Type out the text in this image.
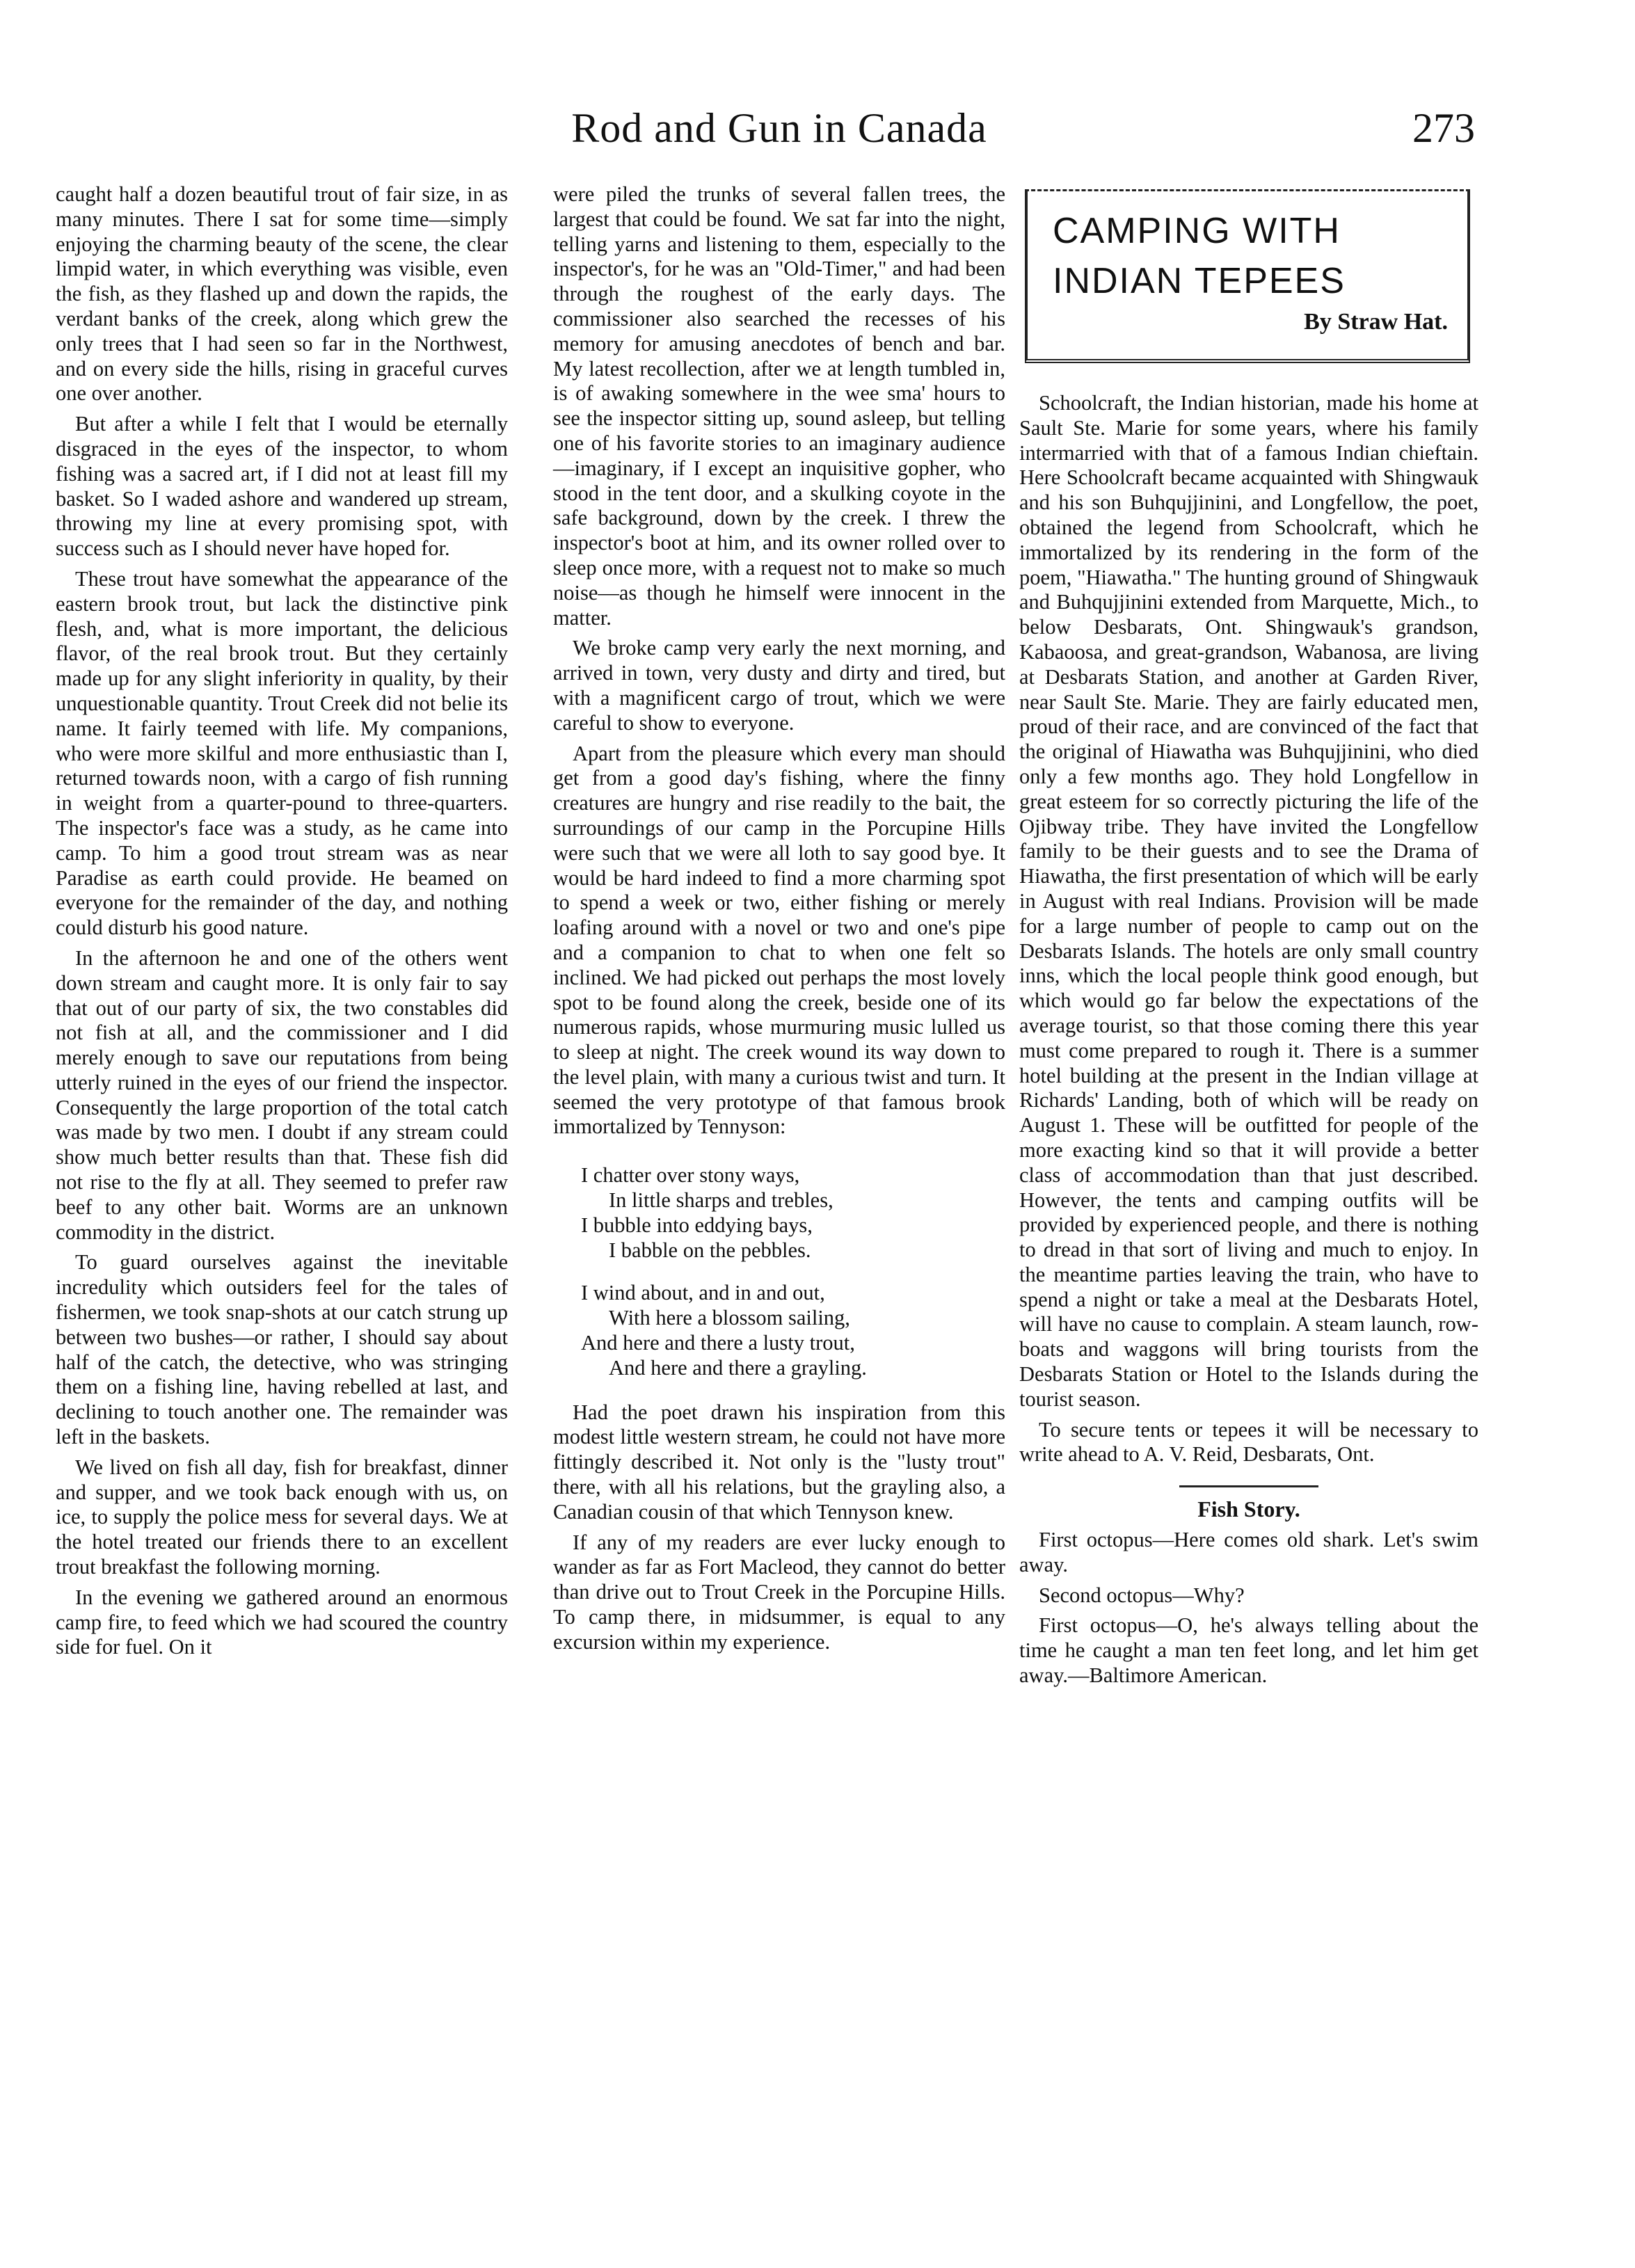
Rod and Gun in Canada	273

caught half a dozen beautiful trout of fair size, in as many minutes. There I sat for some time—simply enjoying the charming beauty of the scene, the clear limpid water, in which everything was visible, even the fish, as they flashed up and down the rapids, the verdant banks of the creek, along which grew the only trees that I had seen so far in the Northwest, and on every side the hills, rising in graceful curves one over another.

But after a while I felt that I would be eternally disgraced in the eyes of the inspector, to whom fishing was a sacred art, if I did not at least fill my basket. So I waded ashore and wandered up stream, throwing my line at every promising spot, with success such as I should never have hoped for.

These trout have somewhat the appearance of the eastern brook trout, but lack the distinctive pink flesh, and, what is more important, the delicious flavor, of the real brook trout. But they certainly made up for any slight inferiority in quality, by their unquestionable quantity. Trout Creek did not belie its name. It fairly teemed with life. My companions, who were more skilful and more enthusiastic than I, returned towards noon, with a cargo of fish running in weight from a quarter-pound to three-quarters. The inspector's face was a study, as he came into camp. To him a good trout stream was as near Paradise as earth could provide. He beamed on everyone for the remainder of the day, and nothing could disturb his good nature.

In the afternoon he and one of the others went down stream and caught more. It is only fair to say that out of our party of six, the two constables did not fish at all, and the commissioner and I did merely enough to save our reputations from being utterly ruined in the eyes of our friend the inspector. Consequently the large proportion of the total catch was made by two men. I doubt if any stream could show much better results than that. These fish did not rise to the fly at all. They seemed to prefer raw beef to any other bait. Worms are an unknown commodity in the district.

To guard ourselves against the inevitable incredulity which outsiders feel for the tales of fishermen, we took snap-shots at our catch strung up between two bushes—or rather, I should say about half of the catch, the detective, who was stringing them on a fishing line, having rebelled at last, and declining to touch another one. The remainder was left in the baskets.

We lived on fish all day, fish for breakfast, dinner and supper, and we took back enough with us, on ice, to supply the police mess for several days. We at the hotel treated our friends there to an excellent trout breakfast the following morning.

In the evening we gathered around an enormous camp fire, to feed which we had scoured the country side for fuel. On it

were piled the trunks of several fallen trees, the largest that could be found. We sat far into the night, telling yarns and listening to them, especially to the inspector's, for he was an "Old-Timer," and had been through the roughest of the early days. The commissioner also searched the recesses of his memory for amusing anecdotes of bench and bar. My latest recollection, after we at length tumbled in, is of awaking somewhere in the wee sma' hours to see the inspector sitting up, sound asleep, but telling one of his favorite stories to an imaginary audience—imaginary, if I except an inquisitive gopher, who stood in the tent door, and a skulking coyote in the safe background, down by the creek. I threw the inspector's boot at him, and its owner rolled over to sleep once more, with a request not to make so much noise—as though he himself were innocent in the matter.

We broke camp very early the next morning, and arrived in town, very dusty and dirty and tired, but with a magnificent cargo of trout, which we were careful to show to everyone.

Apart from the pleasure which every man should get from a good day's fishing, where the finny creatures are hungry and rise readily to the bait, the surroundings of our camp in the Porcupine Hills were such that we were all loth to say good bye. It would be hard indeed to find a more charming spot to spend a week or two, either fishing or merely loafing around with a novel or two and one's pipe and a companion to chat to when one felt so inclined. We had picked out perhaps the most lovely spot to be found along the creek, beside one of its numerous rapids, whose murmuring music lulled us to sleep at night. The creek wound its way down to the level plain, with many a curious twist and turn. It seemed the very prototype of that famous brook immortalized by Tennyson:

I chatter over stony ways,
In little sharps and trebles,
I bubble into eddying bays,
I babble on the pebbles.
I wind about, and in and out,
With here a blossom sailing,
And here and there a lusty trout,
And here and there a grayling.

Had the poet drawn his inspiration from this modest little western stream, he could not have more fittingly described it. Not only is the "lusty trout" there, with all his relations, but the grayling also, a Canadian cousin of that which Tennyson knew.

If any of my readers are ever lucky enough to wander as far as Fort Macleod, they cannot do better than drive out to Trout Creek in the Porcupine Hills. To camp there, in midsummer, is equal to any excursion within my experience.

CAMPING WITH
INDIAN TEPEES
By Straw Hat.

Schoolcraft, the Indian historian, made his home at Sault Ste. Marie for some years, where his family intermarried with that of a famous Indian chieftain. Here Schoolcraft became acquainted with Shingwauk and his son Buhqujjinini, and Longfellow, the poet, obtained the legend from Schoolcraft, which he immortalized by its rendering in the form of the poem, "Hiawatha." The hunting ground of Shingwauk and Buhqujjinini extended from Marquette, Mich., to below Desbarats, Ont. Shingwauk's grandson, Kabaoosa, and great-grandson, Wabanosa, are living at Desbarats Station, and another at Garden River, near Sault Ste. Marie. They are fairly educated men, proud of their race, and are convinced of the fact that the original of Hiawatha was Buhqujjinini, who died only a few months ago. They hold Longfellow in great esteem for so correctly picturing the life of the Ojibway tribe. They have invited the Longfellow family to be their guests and to see the Drama of Hiawatha, the first presentation of which will be early in August with real Indians. Provision will be made for a large number of people to camp out on the Desbarats Islands. The hotels are only small country inns, which the local people think good enough, but which would go far below the expectations of the average tourist, so that those coming there this year must come prepared to rough it. There is a summer hotel building at the present in the Indian village at Richards' Landing, both of which will be ready on August 1. These will be outfitted for people of the more exacting kind so that it will provide a better class of accommodation than that just described. However, the tents and camping outfits will be provided by experienced people, and there is nothing to dread in that sort of living and much to enjoy. In the meantime parties leaving the train, who have to spend a night or take a meal at the Desbarats Hotel, will have no cause to complain. A steam launch, row-boats and waggons will bring tourists from the Desbarats Station or Hotel to the Islands during the tourist season.

To secure tents or tepees it will be necessary to write ahead to A. V. Reid, Desbarats, Ont.

Fish Story.

First octopus—Here comes old shark. Let's swim away.

Second octopus—Why?

First octopus—O, he's always telling about the time he caught a man ten feet long, and let him get away.—Baltimore American.
